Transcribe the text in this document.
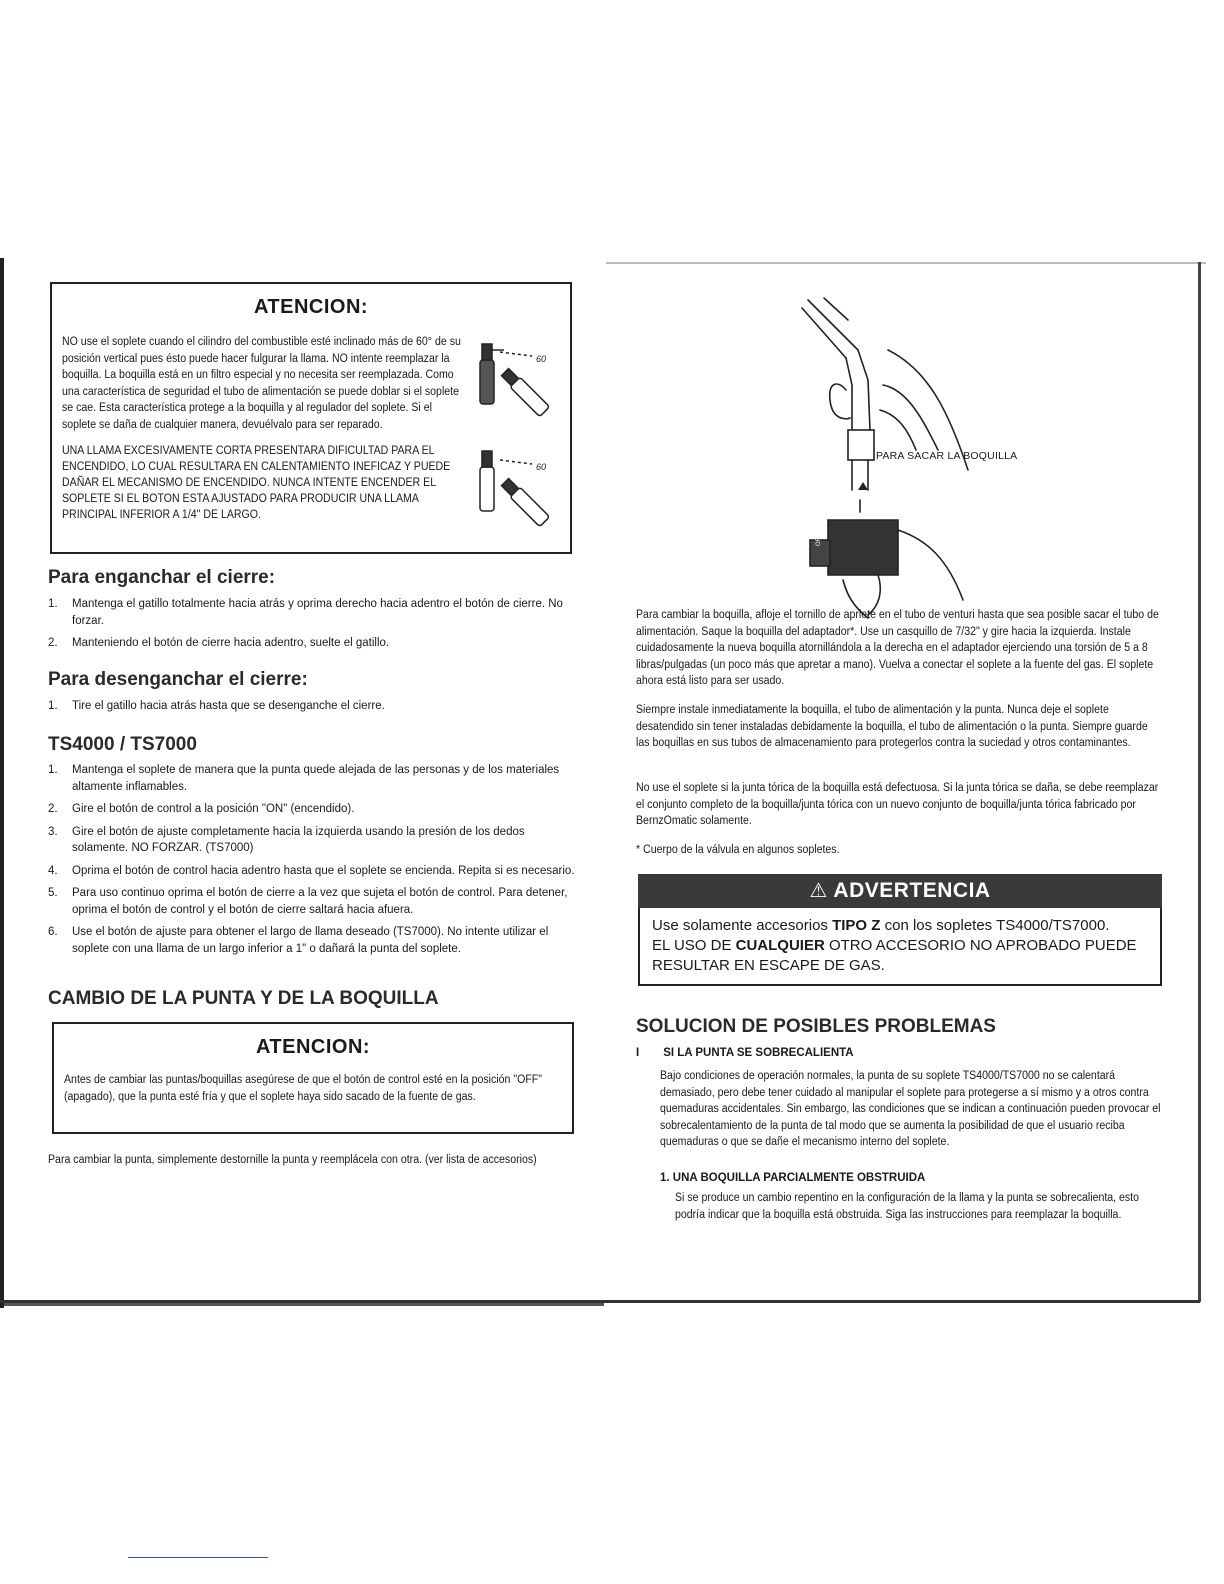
ATENCION:
NO use el soplete cuando el cilindro del combustible esté inclinado más de 60° de su posición vertical pues ésto puede hacer fulgurar la llama. NO intente reemplazar la boquilla. La boquilla está en un filtro especial y no necesita ser reemplazada. Como una característica de seguridad el tubo de alimentación se puede doblar si el soplete se cae. Esta característica protege a la boquilla y al regulador del soplete. Si el soplete se daña de cualquier manera, devuélvalo para ser reparado.
UNA LLAMA EXCESIVAMENTE CORTA PRESENTARA DIFICULTAD PARA EL ENCENDIDO, LO CUAL RESULTARA EN CALENTAMIENTO INEFICAZ Y PUEDE DAÑAR EL MECANISMO DE ENCENDIDO. NUNCA INTENTE ENCENDER EL SOPLETE SI EL BOTON ESTA AJUSTADO PARA PRODUCIR UNA LLAMA PRINCIPAL INFERIOR A 1/4" DE LARGO.
60
60
Para enganchar el cierre:
1.	Mantenga el gatillo totalmente hacia atrás y oprima derecho hacia adentro el botón de cierre. No forzar.
2.	Manteniendo el botón de cierre hacia adentro, suelte el gatillo.
Para desenganchar el cierre:
1.	Tire el gatillo hacia atrás hasta que se desenganche el cierre.
TS4000 / TS7000
1.	Mantenga el soplete de manera que la punta quede alejada de las personas y de los materiales altamente inflamables.
2.	Gire el botón de control a la posición "ON" (encendido).
3.	Gire el botón de ajuste completamente hacia la izquierda usando la presión de los dedos solamente. NO FORZAR. (TS7000)
4.	Oprima el botón de control hacia adentro hasta que el soplete se encienda. Repita si es necesario.
5.	Para uso continuo oprima el botón de cierre a la vez que sujeta el botón de control. Para detener, oprima el botón de control y el botón de cierre saltará hacia afuera.
6.	Use el botón de ajuste para obtener el largo de llama deseado (TS7000). No intente utilizar el soplete con una llama de un largo inferior a 1" o dañará la punta del soplete.
CAMBIO DE LA PUNTA Y DE LA BOQUILLA
ATENCION:
Antes de cambiar las puntas/boquillas asegúrese de que el botón de control esté en la posición "OFF" (apagado), que la punta esté fría y que el soplete haya sido sacado de la fuente de gas.
Para cambiar la punta, simplemente destornille la punta y reemplácela con otra. (ver lista de accesorios)
OFF
PARA SACAR LA BOQUILLA
Para cambiar la boquilla, afloje el tornillo de apriete en el tubo de venturi hasta que sea posible sacar el tubo de alimentación. Saque la boquilla del adaptador*. Use un casquillo de 7/32" y gire hacia la izquierda. Instale cuidadosamente la nueva boquilla atornillándola a la derecha en el adaptador ejerciendo una torsión de 5 a 8 libras/pulgadas (un poco más que apretar a mano). Vuelva a conectar el soplete a la fuente del gas. El soplete ahora está listo para ser usado.
Siempre instale inmediatamente la boquilla, el tubo de alimentación y la punta. Nunca deje el soplete desatendido sin tener instaladas debidamente la boquilla, el tubo de alimentación o la punta. Siempre guarde las boquillas en sus tubos de almacenamiento para protegerlos contra la suciedad y otros contaminantes.
No use el soplete si la junta tórica de la boquilla está defectuosa. Si la junta tórica se daña, se debe reemplazar el conjunto completo de la boquilla/junta tórica con un nuevo conjunto de boquilla/junta tórica fabricado por BernzOmatic solamente.
* Cuerpo de la válvula en algunos sopletes.
⚠ ADVERTENCIA
Use solamente accesorios TIPO Z con los sopletes TS4000/TS7000.
EL USO DE CUALQUIER OTRO ACCESORIO NO APROBADO PUEDE RESULTAR EN ESCAPE DE GAS.
SOLUCION DE POSIBLES PROBLEMAS
I SI LA PUNTA SE SOBRECALIENTA
Bajo condiciones de operación normales, la punta de su soplete TS4000/TS7000 no se calentará demasiado, pero debe tener cuidado al manipular el soplete para protegerse a sí mismo y a otros contra quemaduras accidentales. Sin embargo, las condiciones que se indican a continuación pueden provocar el sobrecalentamiento de la punta de tal modo que se aumenta la posibilidad de que el usuario reciba quemaduras o que se dañe el mecanismo interno del soplete.
1. UNA BOQUILLA PARCIALMENTE OBSTRUIDA
Si se produce un cambio repentino en la configuración de la llama y la punta se sobrecalienta, esto podría indicar que la boquilla está obstruida. Siga las instrucciones para reemplazar la boquilla.
